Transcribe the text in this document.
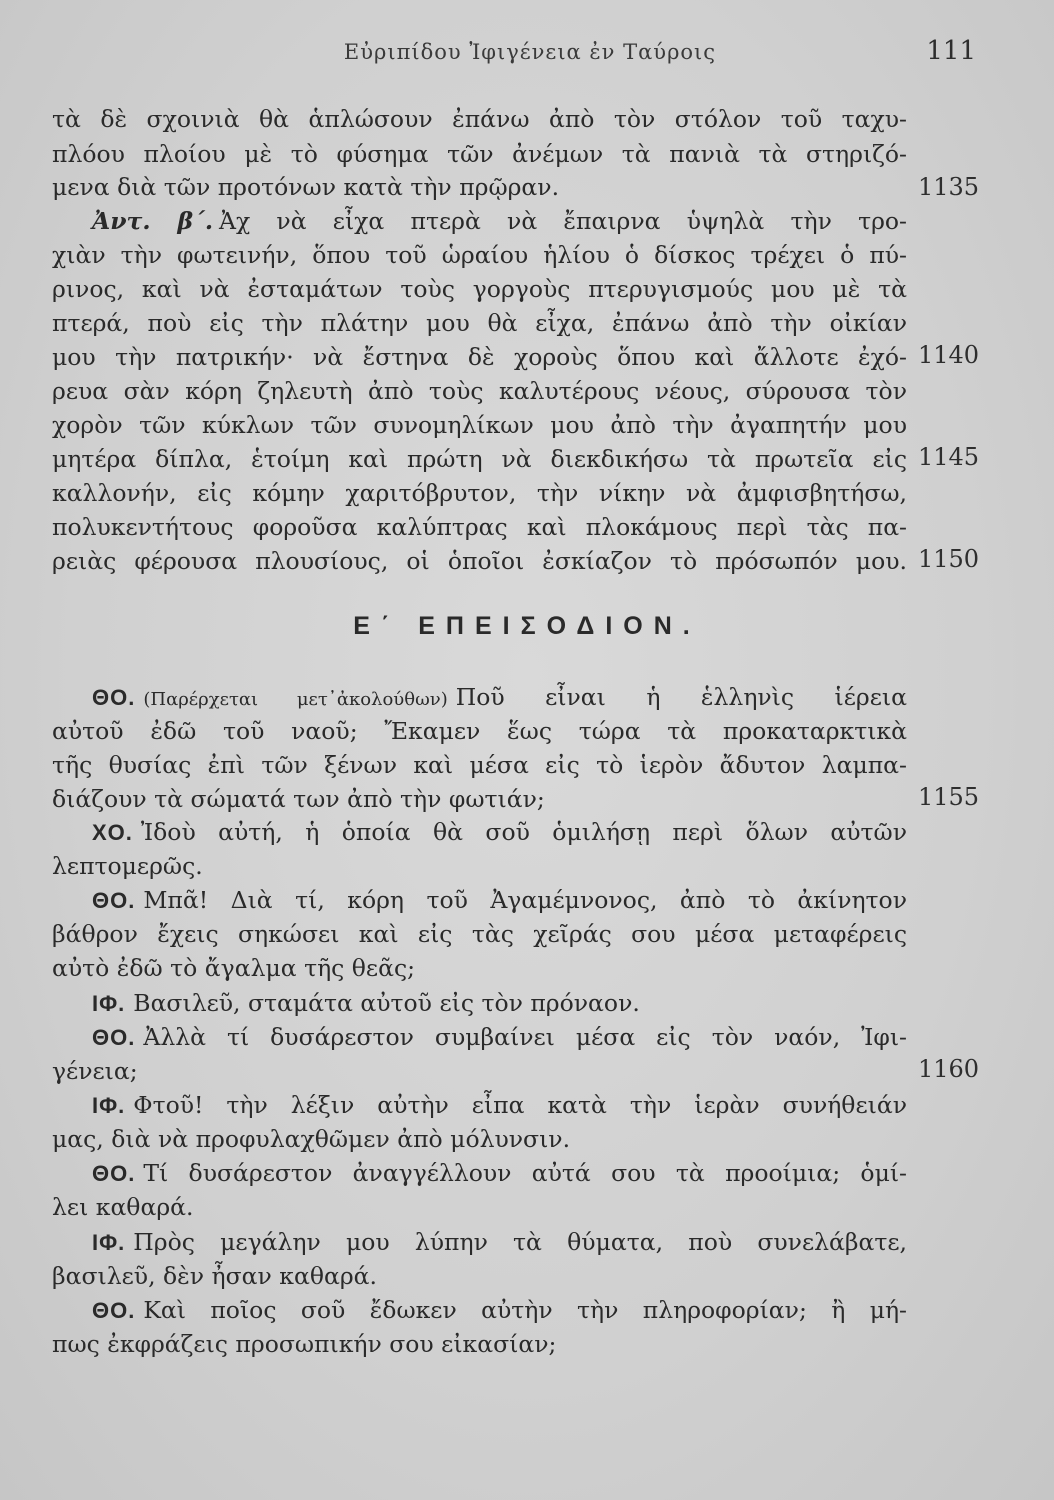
Εὐριπίδου Ἰφιγένεια ἐν Ταύροις	111
τὰ δὲ σχοινιὰ θὰ ἁπλώσουν ἐπάνω ἀπὸ τὸν στόλον τοῦ ταχυ-
πλόου πλοίου μὲ τὸ φύσημα τῶν ἀνέμων τὰ πανιὰ τὰ στηριζό-
μενα διὰ τῶν προτόνων κατὰ τὴν πρῷραν.	1135
Ἀντ. β΄. Ἀχ νὰ εἶχα πτερὰ νὰ ἔπαιρνα ὑψηλὰ τὴν τρο-
χιὰν τὴν φωτεινήν, ὅπου τοῦ ὡραίου ἡλίου ὁ δίσκος τρέχει ὁ πύ-
ρινος, καὶ νὰ ἐσταμάτων τοὺς γοργοὺς πτερυγισμούς μου μὲ τὰ
πτερά, ποὺ εἰς τὴν πλάτην μου θὰ εἶχα, ἐπάνω ἀπὸ τὴν οἰκίαν
μου τὴν πατρικήν· νὰ ἔστηνα δὲ χοροὺς ὅπου καὶ ἄλλοτε ἐχό- 1140
ρευα σὰν κόρη ζηλευτὴ ἀπὸ τοὺς καλυτέρους νέους, σύρουσα τὸν
χορὸν τῶν κύκλων τῶν συνομηλίκων μου ἀπὸ τὴν ἀγαπητήν μου
μητέρα δίπλα, ἑτοίμη καὶ πρώτη νὰ διεκδικήσω τὰ πρωτεῖα εἰς 1145
καλλονήν, εἰς κόμην χαριτόβρυτον, τὴν νίκην νὰ ἀμφισβητήσω,
πολυκεντήτους φοροῦσα καλύπτρας καὶ πλοκάμους περὶ τὰς πα-
ρειὰς φέρουσα πλουσίους, οἱ ὁποῖοι ἐσκίαζον τὸ πρόσωπόν μου. 1150
Ε΄ ΕΠΕΙΣΟΔΙΟΝ.
ΘΟ. (Παρέρχεται μετ᾽ἀκολούθων) Ποῦ εἶναι ἡ ἑλληνὶς ἱέρεια
αὐτοῦ ἐδῶ τοῦ ναοῦ; Ἔκαμεν ἕως τώρα τὰ προκαταρκτικὰ
τῆς θυσίας ἐπὶ τῶν ξένων καὶ μέσα εἰς τὸ ἱερὸν ἄδυτον λαμπα-
διάζουν τὰ σώματά των ἀπὸ τὴν φωτιάν;	1155
ΧΟ. Ἰδοὺ αὐτή, ἡ ὁποία θὰ σοῦ ὁμιλήσῃ περὶ ὅλων αὐτῶν
λεπτομερῶς.
ΘΟ. Μπᾶ! Διὰ τί, κόρη τοῦ Ἀγαμέμνονος, ἀπὸ τὸ ἀκίνητον
βάθρον ἔχεις σηκώσει καὶ εἰς τὰς χεῖράς σου μέσα μεταφέρεις
αὐτὸ ἐδῶ τὸ ἄγαλμα τῆς θεᾶς;
ΙΦ. Βασιλεῦ, σταμάτα αὐτοῦ εἰς τὸν πρόναον.
ΘΟ. Ἀλλὰ τί δυσάρεστον συμβαίνει μέσα εἰς τὸν ναόν, Ἰφι-
γένεια;	1160
ΙΦ. Φτοῦ! τὴν λέξιν αὐτὴν εἶπα κατὰ τὴν ἱερὰν συνήθειάν
μας, διὰ νὰ προφυλαχθῶμεν ἀπὸ μόλυνσιν.
ΘΟ. Τί δυσάρεστον ἀναγγέλλουν αὐτά σου τὰ προοίμια; ὁμί-
λει καθαρά.
ΙΦ. Πρὸς μεγάλην μου λύπην τὰ θύματα, ποὺ συνελάβατε,
βασιλεῦ, δὲν ἦσαν καθαρά.
ΘΟ. Καὶ ποῖος σοῦ ἔδωκεν αὐτὴν τὴν πληροφορίαν; ἢ μή-
πως ἐκφράζεις προσωπικήν σου εἰκασίαν;
